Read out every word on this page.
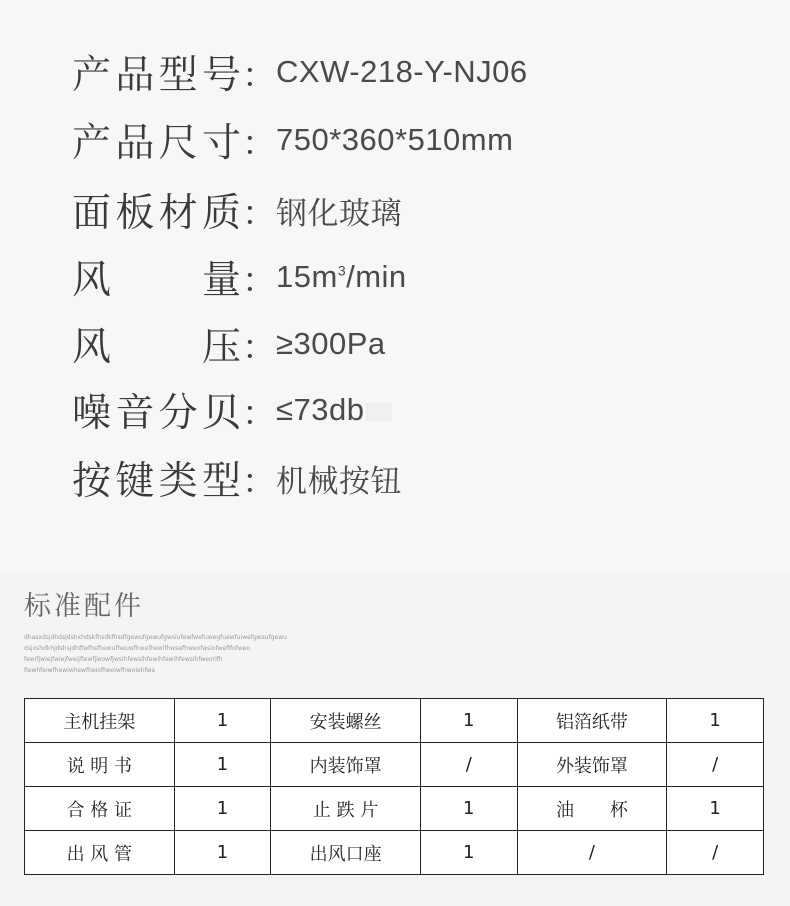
产 品 型 号 ： CXW-218-Y-NJ06
产 品 尺 寸 ： 750*360*510mm
面 板 材 质 ： 钢化玻璃
风 量 ： $15m^3/\min$
风 压 ： ≥300Pa
噪 音 分 贝 ： ≤73db
按 键 类 型 ： 机械按钮
标准配件
dhasxdsjdhdsjdshxhdskfhsdkfhsdfgewufgewufgwsiufewfwefuwegfuewfuiwefgwsufgewu
dsjxshdkhjdshsjdhffwfhsfhewufheuwfhwefhewifhwsefhweofwsiofwefifofweo
fewifjwiejfwiejfweijfiewfjieowfjwsihfewsihfewihfewihfewsihfweorifh
fiewhfeiwfhewiwhewfheiofheoiwfhwoiehfwa
主机挂架	1	安装螺丝	1	铝箔纸带	1
说 明 书	1	内装饰罩	/	外装饰罩	/
合 格 证	1	止 跌 片	1	油　　杯	1
出 风 管	1	出风口座	1	/	/
